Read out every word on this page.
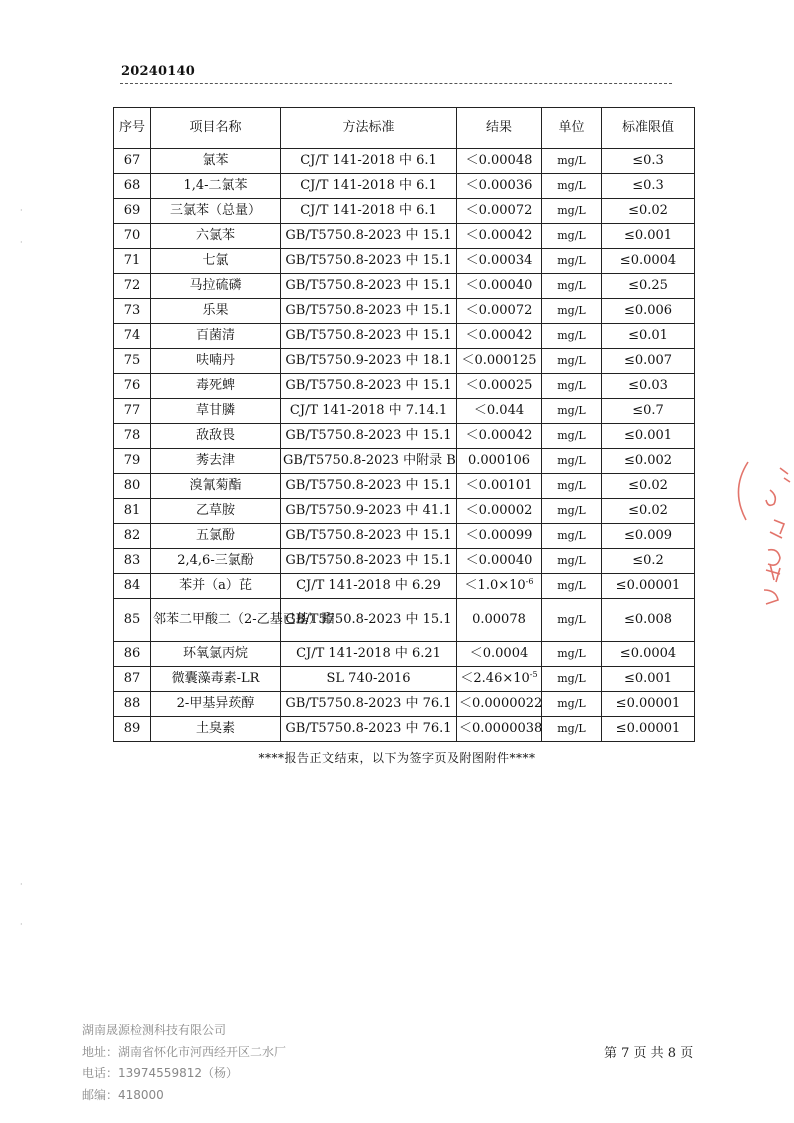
20240140
序号	项目名称	方法标准	结果	单位	标准限值
67	氯苯	CJ/T 141-2018 中 6.1	＜0.00048	mg/L	≤0.3
68	1,4-二氯苯	CJ/T 141-2018 中 6.1	＜0.00036	mg/L	≤0.3
69	三氯苯（总量）	CJ/T 141-2018 中 6.1	＜0.00072	mg/L	≤0.02
70	六氯苯	GB/T5750.8-2023 中 15.1	＜0.00042	mg/L	≤0.001
71	七氯	GB/T5750.8-2023 中 15.1	＜0.00034	mg/L	≤0.0004
72	马拉硫磷	GB/T5750.8-2023 中 15.1	＜0.00040	mg/L	≤0.25
73	乐果	GB/T5750.8-2023 中 15.1	＜0.00072	mg/L	≤0.006
74	百菌清	GB/T5750.8-2023 中 15.1	＜0.00042	mg/L	≤0.01
75	呋喃丹	GB/T5750.9-2023 中 18.1	＜0.000125	mg/L	≤0.007
76	毒死蜱	GB/T5750.8-2023 中 15.1	＜0.00025	mg/L	≤0.03
77	草甘膦	CJ/T 141-2018 中 7.14.1	＜0.044	mg/L	≤0.7
78	敌敌畏	GB/T5750.8-2023 中 15.1	＜0.00042	mg/L	≤0.001
79	莠去津	GB/T5750.8-2023 中附录 B	0.000106	mg/L	≤0.002
80	溴氰菊酯	GB/T5750.8-2023 中 15.1	＜0.00101	mg/L	≤0.02
81	乙草胺	GB/T5750.9-2023 中 41.1	＜0.00002	mg/L	≤0.02
82	五氯酚	GB/T5750.8-2023 中 15.1	＜0.00099	mg/L	≤0.009
83	2,4,6-三氯酚	GB/T5750.8-2023 中 15.1	＜0.00040	mg/L	≤0.2
84	苯并（a）芘	CJ/T 141-2018 中 6.29	$<1.0\times 10^{-6}$	mg/L	≤0.00001
85	邻苯二甲酸二（2-乙基已基）酯	GB/T5750.8-2023 中 15.1	0.00078	mg/L	≤0.008
86	环氧氯丙烷	CJ/T 141-2018 中 6.21	＜0.0004	mg/L	≤0.0004
87	微囊藻毒素-LR	SL 740-2016	$<2.46\times 10^{-5}$	mg/L	≤0.001
88	2-甲基异莰醇	GB/T5750.8-2023 中 76.1	＜0.0000022	mg/L	≤0.00001
89	土臭素	GB/T5750.8-2023 中 76.1	＜0.0000038	mg/L	≤0.00001
****报告正文结束，以下为签字页及附图附件****
·
·
·
·
湖南晟源检测科技有限公司
地址：湖南省怀化市河西经开区二水厂
电话：13974559812（杨）
邮编：418000
第 7 页 共 8 页
